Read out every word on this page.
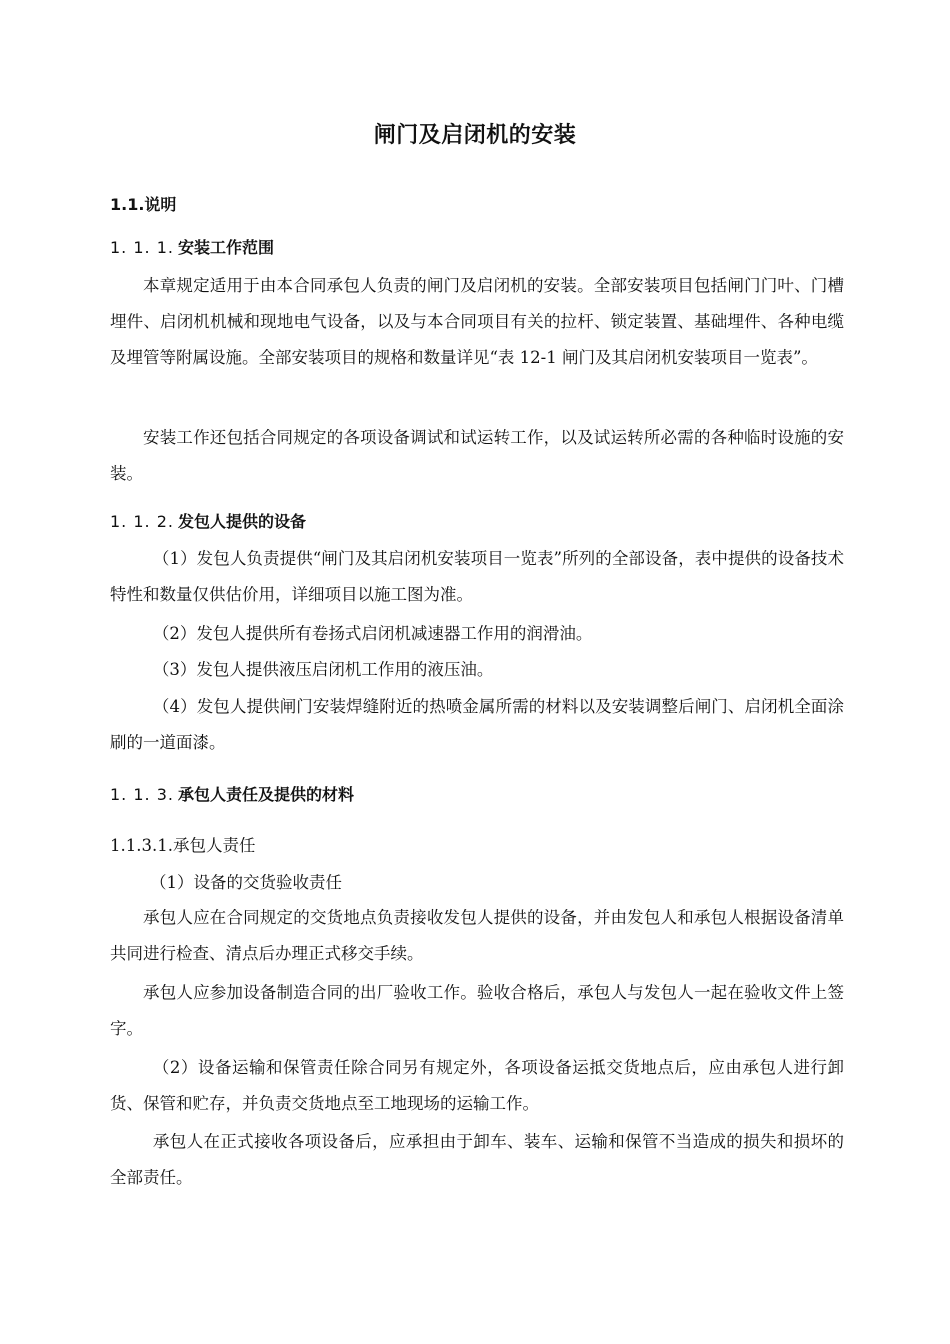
闸门及启闭机的安装

1.1.说明

1. 1. 1. 安装工作范围

本章规定适用于由本合同承包人负责的闸门及启闭机的安装。全部安装项目包括闸门门叶、门槽埋件、启闭机机械和现地电气设备，以及与本合同项目有关的拉杆、锁定装置、基础埋件、各种电缆及埋管等附属设施。全部安装项目的规格和数量详见“表 12-1 闸门及其启闭机安装项目一览表”。

安装工作还包括合同规定的各项设备调试和试运转工作，以及试运转所必需的各种临时设施的安装。

1. 1. 2. 发包人提供的设备

（1）发包人负责提供“闸门及其启闭机安装项目一览表”所列的全部设备，表中提供的设备技术特性和数量仅供估价用，详细项目以施工图为准。

（2）发包人提供所有卷扬式启闭机减速器工作用的润滑油。

（3）发包人提供液压启闭机工作用的液压油。

（4）发包人提供闸门安装焊缝附近的热喷金属所需的材料以及安装调整后闸门、启闭机全面涂刷的一道面漆。

1. 1. 3. 承包人责任及提供的材料

1.1.3.1.承包人责任

（1）设备的交货验收责任

承包人应在合同规定的交货地点负责接收发包人提供的设备，并由发包人和承包人根据设备清单共同进行检查、清点后办理正式移交手续。

承包人应参加设备制造合同的出厂验收工作。验收合格后，承包人与发包人一起在验收文件上签字。

（2）设备运输和保管责任除合同另有规定外，各项设备运抵交货地点后，应由承包人进行卸货、保管和贮存，并负责交货地点至工地现场的运输工作。

承包人在正式接收各项设备后，应承担由于卸车、装车、运输和保管不当造成的损失和损坏的全部责任。
